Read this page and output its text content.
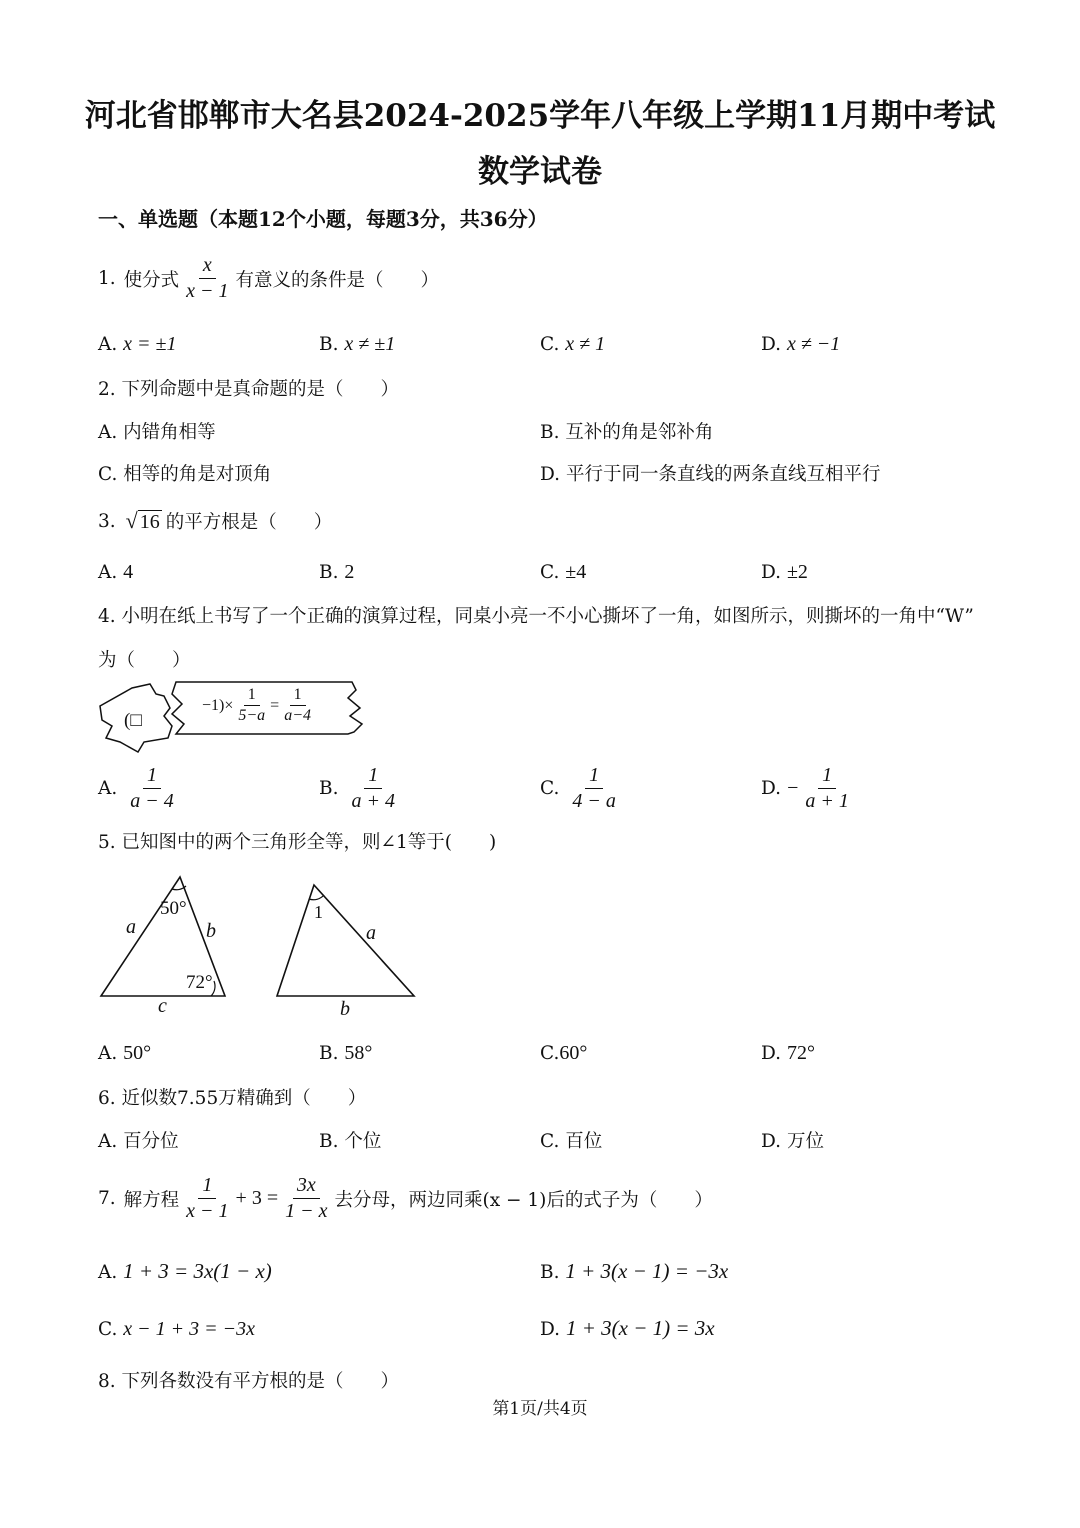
河北省邯郸市大名县2024-2025学年八年级上学期11月期中考试
数学试卷
一、单选题（本题12个小题，每题3分，共36分）
1. 使分式 $\frac{x}{x - 1}$ 有意义的条件是（　　）
A. x = ±1	B. x ≠ ±1	C. x ≠ 1	D. x ≠ −1
2. 下列命题中是真命题的是（　　）
A. 内错角相等	B. 互补的角是邻补角
C. 相等的角是对顶角	D. 平行于同一条直线的两条直线互相平行
3. √ 16 的平方根是（　　）
A. 4	B. 2	C. ±4	D. ±2
4. 小明在纸上书写了一个正确的演算过程，同桌小亮一不小心撕坏了一角，如图所示，则撕坏的一角中“W”
为（　　）
(□
$-1)\times \frac{1}{5-a} = \frac{1}{a-4}$
A. $\frac{1}{a - 4}$	B. $\frac{1}{a + 4}$	C. $\frac{1}{4 - a}$	D. − $\frac{1}{a + 1}$
5. 已知图中的两个三角形全等，则∠1等于(　　)
50°
72°
a	b
c
1
a
b
A. 50°	B. 58°	C.60°	D. 72°
6. 近似数7.55万精确到（　　）
A. 百分位	B. 个位	C. 百位	D. 万位
7. 解方程 $\frac{1}{x - 1} + 3 = \frac{3x}{1 - x}$ 去分母，两边同乘(x − 1)后的式子为（　　）
A. 1 + 3 = 3x(1 − x)	B. 1 + 3(x − 1) = −3x
C. x − 1 + 3 = −3x	D. 1 + 3(x − 1) = 3x
8. 下列各数没有平方根的是（　　）
第1页/共4页
